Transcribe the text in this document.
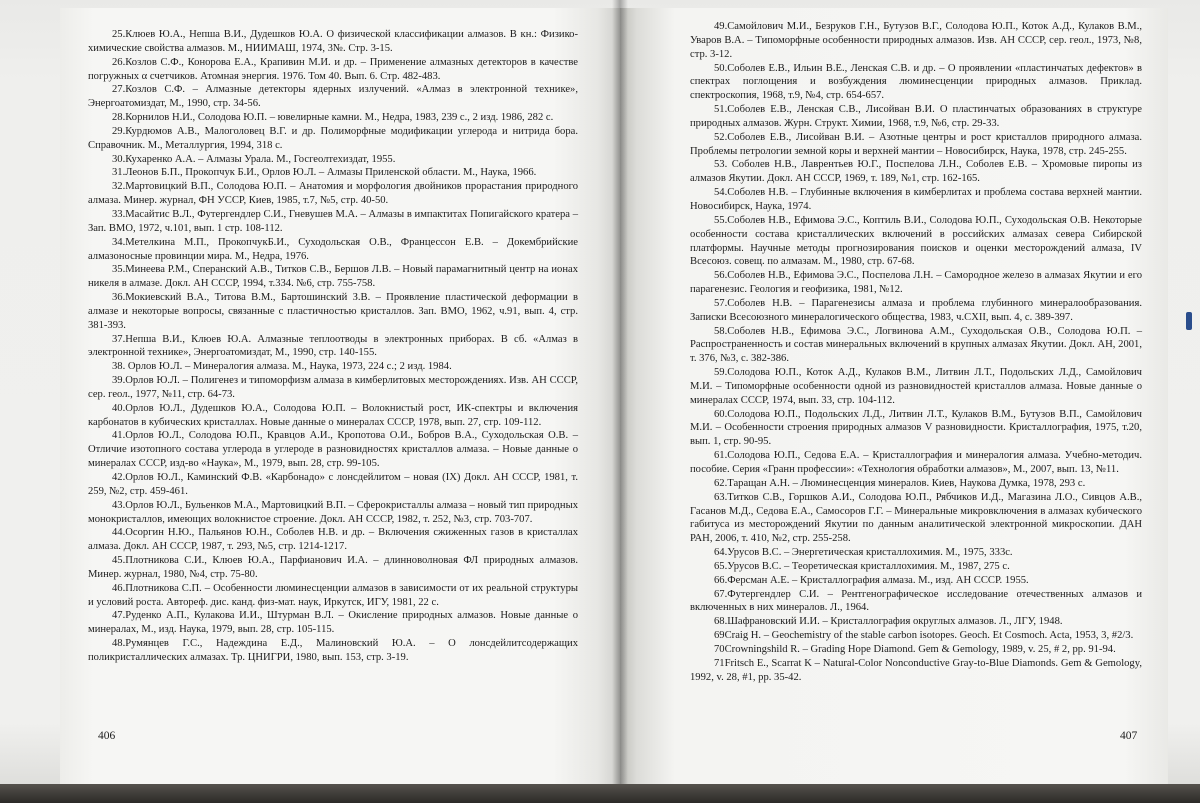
25.Клюев Ю.А., Непша В.И., Дудешков Ю.А. О физической классификации алмазов. В кн.: Физико-химические свойства алмазов. М., НИИМАШ, 1974, 3№. Стр. 3-15.

26.Козлов С.Ф., Конорова Е.А., Крапивин М.И. и др. – Применение алмазных детекторов в качестве погружных α счетчиков. Атомная энергия. 1976. Том 40. Вып. 6. Стр. 482-483.

27.Козлов С.Ф. – Алмазные детекторы ядерных излучений. «Алмаз в электронной технике», Энергоатомиздат, М., 1990, стр. 34-56.

28.Корнилов Н.И., Солодова Ю.П. – ювелирные камни. М., Недра, 1983, 239 с., 2 изд. 1986, 282 с.

29.Курдюмов А.В., Малоголовец В.Г. и др. Полиморфные модификации углерода и нитрида бора. Справочник. М., Металлургия, 1994, 318 с.

30.Кухаренко А.А. – Алмазы Урала. М., Госгеолтехиздат, 1955.

31.Леонов Б.П., Прокопчук Б.И., Орлов Ю.Л. – Алмазы Приленской области. М., Наука, 1966.

32.Мартовицкий В.П., Солодова Ю.П. – Анатомия и морфология двойников прорастания природного алмаза. Минер. журнал, ФН УССР, Киев, 1985, т.7, №5, стр. 40-50.

33.Масайтис В.Л., Футергендлер С.И., Гневушев М.А. – Алмазы в импактитах Попигайского кратера – Зап. ВМО, 1972, ч.101, вып. 1 стр. 108-112.

34.Метелкина М.П., ПрокопчукБ.И., Суходольская О.В., Францессон Е.В. – Докембрийские алмазоносные провинции мира. М., Недра, 1976.

35.Минеева Р.М., Сперанский А.В., Титков С.В., Бершов Л.В. – Новый парамагнитный центр на ионах никеля в алмазе. Докл. АН СССР, 1994, т.334. №6, стр. 755-758.

36.Мокиевский В.А., Титова В.М., Бартошинский З.В. – Проявление пластической деформации в алмазе и некоторые вопросы, связанные с пластичностью кристаллов. Зап. ВМО, 1962, ч.91, вып. 4, стр. 381-393.

37.Непша В.И., Клюев Ю.А. Алмазные теплоотводы в электронных приборах. В сб. «Алмаз в электронной технике», Энергоатомиздат, М., 1990, стр. 140-155.

38. Орлов Ю.Л. – Минералогия алмаза. М., Наука, 1973, 224 с.; 2 изд. 1984.

39.Орлов Ю.Л. – Полигенез и типоморфизм алмаза в кимберлитовых месторождениях. Изв. АН СССР, сер. геол., 1977, №11, стр. 64-73.

40.Орлов Ю.Л., Дудешков Ю.А., Солодова Ю.П. – Волокнистый рост, ИК-спектры и включения карбонатов в кубических кристаллах. Новые данные о минералах СССР, 1978, вып. 27, стр. 109-112.

41.Орлов Ю.Л., Солодова Ю.П., Кравцов А.И., Кропотова О.И., Бобров В.А., Суходольская О.В. – Отличие изотопного состава углерода в углероде в разновидностях кристаллов алмаза. – Новые данные о минералах СССР, изд-во «Наука», М., 1979, вып. 28, стр. 99-105.

42.Орлов Ю.Л., Каминский Ф.В. «Карбонадо» с лонсдейлитом – новая (IX) Докл. АН СССР, 1981, т. 259, №2, стр. 459-461.

43.Орлов Ю.Л., Бульенков М.А., Мартовицкий В.П. – Сферокристаллы алмаза – новый тип природных монокристаллов, имеющих волокнистое строение. Докл. АН СССР, 1982, т. 252, №3, стр. 703-707.

44.Осоргин Н.Ю., Пальянов Ю.Н., Соболев Н.В. и др. – Включения сжиженных газов в кристаллах алмаза. Докл. АН СССР, 1987, т. 293, №5, стр. 1214-1217.

45.Плотникова С.И., Клюев Ю.А., Парфианович И.А. – длинноволновая ФЛ природных алмазов. Минер. журнал, 1980, №4, стр. 75-80.

46.Плотникова С.П. – Особенности люминесценции алмазов в зависимости от их реальной структуры и условий роста. Автореф. дис. канд. физ-мат. наук, Иркутск, ИГУ, 1981, 22 с.

47.Руденко А.П., Кулакова И.И., Штурман В.Л. – Окисление природных алмазов. Новые данные о минералах, М., изд. Наука, 1979, вып. 28, стр. 105-115.

48.Румянцев Г.С., Надеждина Е.Д., Малиновский Ю.А. – О лонсдейлитсодержащих поликристаллических алмазах. Тр. ЦНИГРИ, 1980, вып. 153, стр. 3-19.

406

49.Самойлович М.И., Безруков Г.Н., Бутузов В.Г., Солодова Ю.П., Коток А.Д., Кулаков В.М., Уваров В.А. – Типоморфные особенности природных алмазов. Изв. АН СССР, сер. геол., 1973, №8, стр. 3-12.

50.Соболев Е.В., Ильин В.Е., Ленская С.В. и др. – О проявлении «пластинчатых дефектов» в спектрах поглощения и возбуждения люминесценции природных алмазов. Приклад. спектроскопия, 1968, т.9, №4, стр. 654-657.

51.Соболев Е.В., Ленская С.В., Лисойван В.И. О пластинчатых образованиях в структуре природных алмазов. Журн. Структ. Химии, 1968, т.9, №6, стр. 29-33.

52.Соболев Е.В., Лисойван В.И. – Азотные центры и рост кристаллов природного алмаза. Проблемы петрологии земной коры и верхней мантии – Новосибирск, Наука, 1978, стр. 245-255.

53. Соболев Н.В., Лаврентьев Ю.Г., Поспелова Л.Н., Соболев Е.В. – Хромовые пиропы из алмазов Якутии. Докл. АН СССР, 1969, т. 189, №1, стр. 162-165.

54.Соболев Н.В. – Глубинные включения в кимберлитах и проблема состава верхней мантии. Новосибирск, Наука, 1974.

55.Соболев Н.В., Ефимова Э.С., Коптиль В.И., Солодова Ю.П., Суходольская О.В. Некоторые особенности состава кристаллических включений в российских алмазах севера Сибирской платформы. Научные методы прогнозирования поисков и оценки месторождений алмаза, IV Всесоюз. совещ. по алмазам. М., 1980, стр. 67-68.

56.Соболев Н.В., Ефимова Э.С., Поспелова Л.Н. – Самородное железо в алмазах Якутии и его парагенезис. Геология и геофизика, 1981, №12.

57.Соболев Н.В. – Парагенезисы алмаза и проблема глубинного минералообразования. Записки Всесоюзного минералогического общества, 1983, ч.CXII, вып. 4, с. 389-397.

58.Соболев Н.В., Ефимова Э.С., Логвинова А.М., Суходольская О.В., Солодова Ю.П. – Распространенность и состав минеральных включений в крупных алмазах Якутии. Докл. АН, 2001, т. 376, №3, с. 382-386.

59.Солодова Ю.П., Коток А.Д., Кулаков В.М., Литвин Л.Т., Подольских Л.Д., Самойлович М.И. – Типоморфные особенности одной из разновидностей кристаллов алмаза. Новые данные о минералах СССР, 1974, вып. 33, стр. 104-112.

60.Солодова Ю.П., Подольских Л.Д., Литвин Л.Т., Кулаков В.М., Бутузов В.П., Самойлович М.И. – Особенности строения природных алмазов V разновидности. Кристаллография, 1975, т.20, вып. 1, стр. 90-95.

61.Солодова Ю.П., Седова Е.А. – Кристаллография и минералогия алмаза. Учебно-методич. пособие. Серия «Гранн профессии»: «Технология обработки алмазов», М., 2007, вып. 13, №11.

62.Таращан А.Н. – Люминесценция минералов. Киев, Наукова Думка, 1978, 293 с.

63.Титков С.В., Горшков А.И., Солодова Ю.П., Рябчиков И.Д., Магазина Л.О., Сивцов А.В., Гасанов М.Д., Седова Е.А., Самосоров Г.Г. – Минеральные микровключения в алмазах кубического габитуса из месторождений Якутии по данным аналитической электронной микроскопии. ДАН РАН, 2006, т. 410, №2, стр. 255-258.

64.Урусов В.С. – Энергетическая кристаллохимия. М., 1975, 333с.

65.Урусов В.С. – Теоретическая кристаллохимия. М., 1987, 275 с.

66.Ферсман А.Е. – Кристаллография алмаза. М., изд. АН СССР. 1955.

67.Футергендлер С.И. – Рентгенографическое исследование отечественных алмазов и включенных в них минералов. Л., 1964.

68.Шафрановский И.И. – Кристаллография округлых алмазов. Л., ЛГУ, 1948.

69Craig H. – Geochemistry of the stable carbon isotopes. Geoch. Et Cosmoch. Acta, 1953, 3, #2/3.

70Crowningshild R. – Grading Hope Diamond. Gem & Gemology, 1989, v. 25, # 2, pp. 91-94.

71Fritsch E., Scarrat K – Natural-Color Nonconductive Gray-to-Blue Diamonds. Gem & Gemology, 1992, v. 28, #1, pp. 35-42.

407
